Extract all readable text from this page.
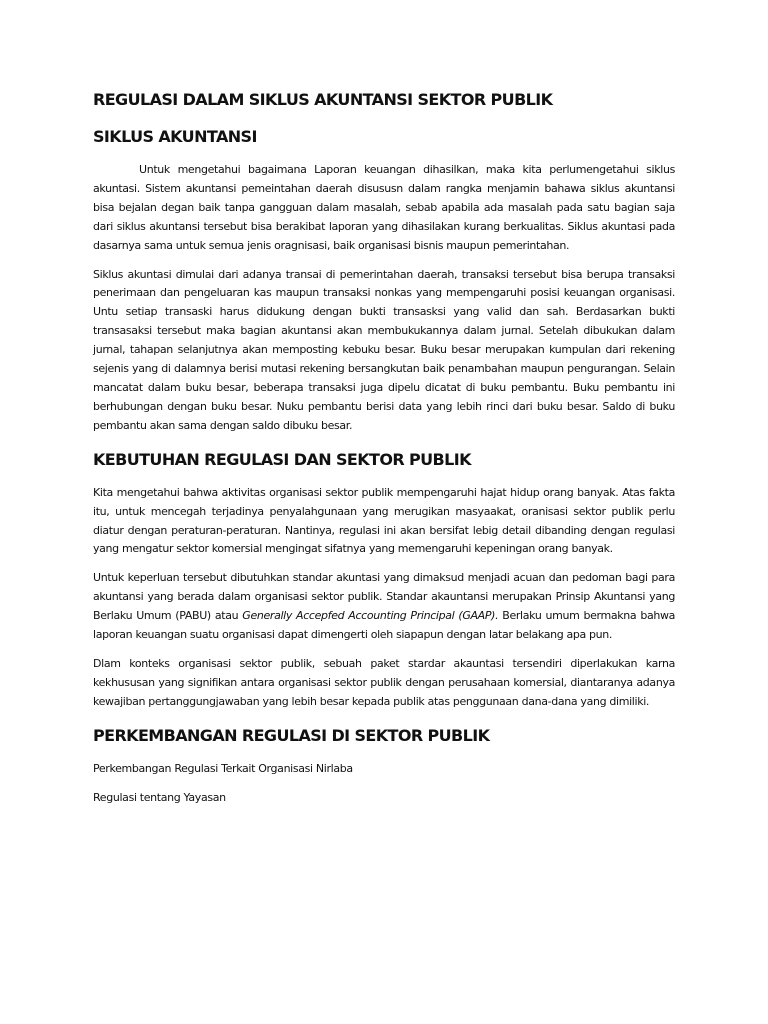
REGULASI DALAM SIKLUS AKUNTANSI SEKTOR PUBLIK
SIKLUS AKUNTANSI

Untuk mengetahui bagaimana Laporan keuangan dihasilkan, maka kita perlumengetahui siklus akuntasi. Sistem akuntansi pemeintahan daerah disususn dalam rangka menjamin bahawa siklus akuntansi bisa bejalan degan baik tanpa gangguan dalam masalah, sebab apabila ada masalah pada satu bagian saja dari siklus akuntansi tersebut bisa berakibat laporan yang dihasilakan kurang berkualitas. Siklus akuntasi pada dasarnya sama untuk semua jenis oragnisasi, baik organisasi bisnis maupun pemerintahan.

Siklus akuntasi dimulai dari adanya transai di pemerintahan daerah, transaksi tersebut bisa berupa transaksi penerimaan dan pengeluaran kas maupun transaksi nonkas yang mempengaruhi posisi keuangan organisasi. Untu setiap transaski harus didukung dengan bukti transasksi yang valid dan sah. Berdasarkan bukti transasaksi tersebut maka bagian akuntansi akan membukukannya dalam jurnal. Setelah dibukukan dalam jurnal, tahapan selanjutnya akan memposting kebuku besar. Buku besar merupakan kumpulan dari rekening sejenis yang di dalamnya berisi mutasi rekening bersangkutan baik penambahan maupun pengurangan. Selain mancatat dalam buku besar, beberapa transaksi juga dipelu dicatat di buku pembantu. Buku pembantu ini berhubungan dengan buku besar. Nuku pembantu berisi data yang lebih rinci dari buku besar. Saldo di buku pembantu akan sama dengan saldo dibuku besar.

KEBUTUHAN REGULASI DAN SEKTOR PUBLIK

Kita mengetahui bahwa aktivitas organisasi sektor publik mempengaruhi hajat hidup orang banyak. Atas fakta itu, untuk mencegah terjadinya penyalahgunaan yang merugikan masyaakat, oranisasi sektor publik perlu diatur dengan peraturan-peraturan. Nantinya, regulasi ini akan bersifat lebig detail dibanding dengan regulasi yang mengatur sektor komersial mengingat sifatnya yang memengaruhi kepeningan orang banyak.

Untuk keperluan tersebut dibutuhkan standar akuntasi yang dimaksud menjadi acuan dan pedoman bagi para akuntansi yang berada dalam organisasi sektor publik. Standar akauntansi merupakan Prinsip Akuntansi yang Berlaku Umum (PABU) atau Generally Accepfed Accounting Principal (GAAP). Berlaku umum bermakna bahwa laporan keuangan suatu organisasi dapat dimengerti oleh siapapun dengan latar belakang apa pun.

Dlam konteks organisasi sektor publik, sebuah paket stardar akauntasi tersendiri diperlakukan karna kekhususan yang signifikan antara organisasi sektor publik dengan perusahaan komersial, diantaranya adanya kewajiban pertanggungjawaban yang lebih besar kepada publik atas penggunaan dana-dana yang dimiliki.

PERKEMBANGAN REGULASI DI SEKTOR PUBLIK

Perkembangan Regulasi Terkait Organisasi Nirlaba

Regulasi tentang Yayasan
